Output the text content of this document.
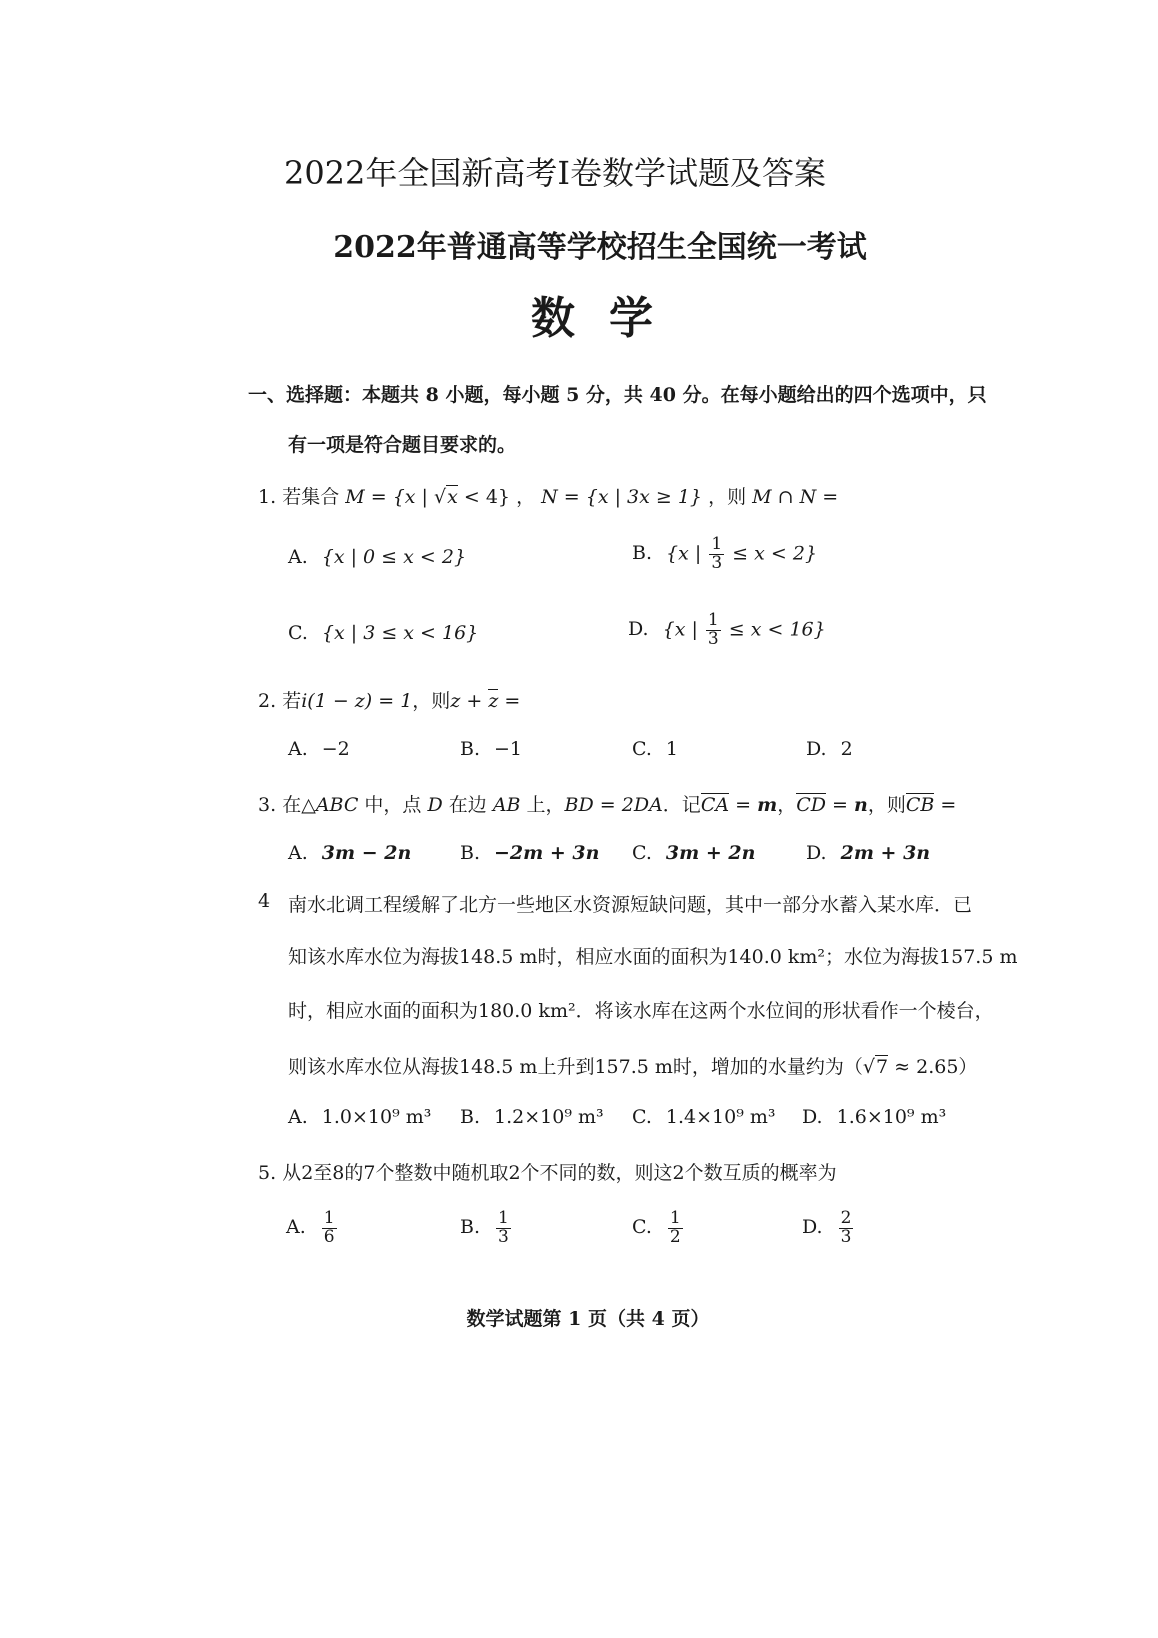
2022年全国新高考Ⅰ卷数学试题及答案
2022年普通高等学校招生全国统一考试
数学
一、选择题：本题共 8 小题，每小题 5 分，共 40 分。在每小题给出的四个选项中，只
有一项是符合题目要求的。
1. 若集合 M = {x | √x < 4} ， N = {x | 3x ≥ 1} ，则 M ∩ N =
A. {x | 0 ≤ x < 2}	B. {x | $\frac{1}{3} \le x < 2$}
C. {x | 3 ≤ x < 16}	D. {x | $\frac{1}{3} \le x < 16$}
2. 若i(1 − z) = 1，则z + z =
A. −2	B. −1	C. 1	D. 2
3. 在△ABC 中，点 D 在边 AB 上，BD = 2DA．记CA = m，CD = n，则CB =
A. 3m − 2n	B. −2m + 3n C. 3m + 2n	D. 2m + 3n
4 南水北调工程缓解了北方一些地区水资源短缺问题，其中一部分水蓄入某水库．已
知该水库水位为海拔148.5 m时，相应水面的面积为140.0 km²；水位为海拔157.5 m
时，相应水面的面积为180.0 km²．将该水库在这两个水位间的形状看作一个棱台，
则该水库水位从海拔148.5 m上升到157.5 m时，增加的水量约为（√7 ≈ 2.65）
A. 1.0×10⁹ m³ B. 1.2×10⁹ m³ C. 1.4×10⁹ m³ D. 1.6×10⁹ m³
5. 从2至8的7个整数中随机取2个不同的数，则这2个数互质的概率为
A. $\frac{1}{6}$	B. $\frac{1}{3}$	C. $\frac{1}{2}$	D. $\frac{2}{3}$
数学试题第 1 页（共 4 页）
